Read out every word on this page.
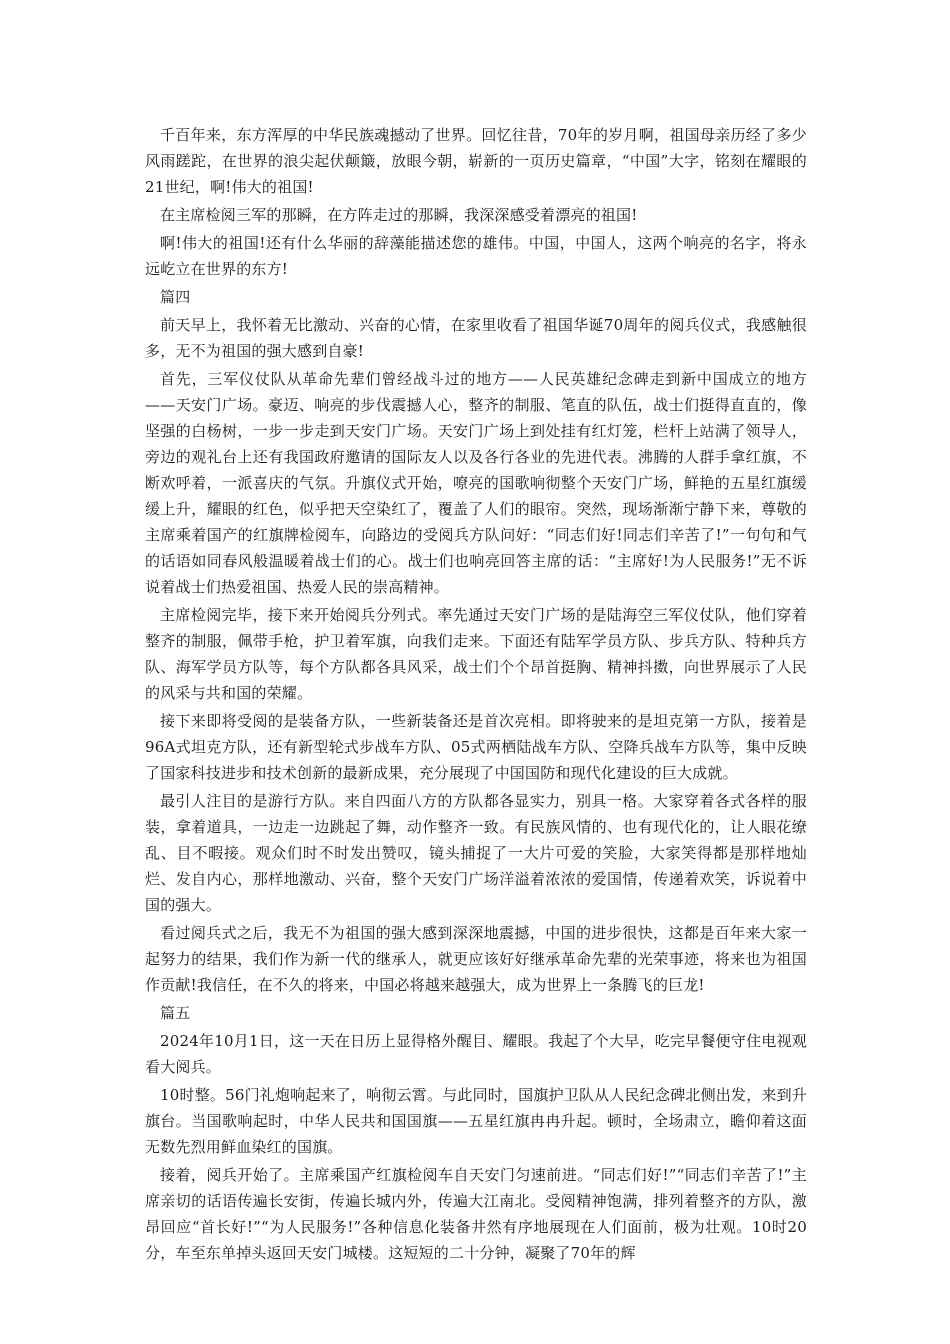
千百年来，东方浑厚的中华民族魂撼动了世界。回忆往昔，70年的岁月啊，祖国母亲历经了多少风雨蹉跎，在世界的浪尖起伏颠簸，放眼今朝，崭新的一页历史篇章，“中国”大字，铭刻在耀眼的21世纪，啊!伟大的祖国!

在主席检阅三军的那瞬，在方阵走过的那瞬，我深深感受着漂亮的祖国!

啊!伟大的祖国!还有什么华丽的辞藻能描述您的雄伟。中国，中国人，这两个响亮的名字，将永远屹立在世界的东方!

篇四

前天早上，我怀着无比激动、兴奋的心情，在家里收看了祖国华诞70周年的阅兵仪式，我感触很多，无不为祖国的强大感到自豪!

首先，三军仪仗队从革命先辈们曾经战斗过的地方——人民英雄纪念碑走到新中国成立的地方——天安门广场。豪迈、响亮的步伐震撼人心，整齐的制服、笔直的队伍，战士们挺得直直的，像坚强的白杨树，一步一步走到天安门广场。天安门广场上到处挂有红灯笼，栏杆上站满了领导人，旁边的观礼台上还有我国政府邀请的国际友人以及各行各业的先进代表。沸腾的人群手拿红旗，不断欢呼着，一派喜庆的气氛。升旗仪式开始，嘹亮的国歌响彻整个天安门广场，鲜艳的五星红旗缓缓上升，耀眼的红色，似乎把天空染红了，覆盖了人们的眼帘。突然，现场渐渐宁静下来，尊敬的主席乘着国产的红旗牌检阅车，向路边的受阅兵方队问好：“同志们好!同志们辛苦了!”一句句和气的话语如同春风般温暖着战士们的心。战士们也响亮回答主席的话：“主席好!为人民服务!”无不诉说着战士们热爱祖国、热爱人民的崇高精神。

主席检阅完毕，接下来开始阅兵分列式。率先通过天安门广场的是陆海空三军仪仗队，他们穿着整齐的制服，佩带手枪，护卫着军旗，向我们走来。下面还有陆军学员方队、步兵方队、特种兵方队、海军学员方队等，每个方队都各具风采，战士们个个昂首挺胸、精神抖擞，向世界展示了人民的风采与共和国的荣耀。

接下来即将受阅的是装备方队，一些新装备还是首次亮相。即将驶来的是坦克第一方队，接着是96A式坦克方队，还有新型轮式步战车方队、05式两栖陆战车方队、空降兵战车方队等，集中反映了国家科技进步和技术创新的最新成果，充分展现了中国国防和现代化建设的巨大成就。

最引人注目的是游行方队。来自四面八方的方队都各显实力，别具一格。大家穿着各式各样的服装，拿着道具，一边走一边跳起了舞，动作整齐一致。有民族风情的、也有现代化的，让人眼花缭乱、目不暇接。观众们时不时发出赞叹，镜头捕捉了一大片可爱的笑脸，大家笑得都是那样地灿烂、发自内心，那样地激动、兴奋，整个天安门广场洋溢着浓浓的爱国情，传递着欢笑，诉说着中国的强大。

看过阅兵式之后，我无不为祖国的强大感到深深地震撼，中国的进步很快，这都是百年来大家一起努力的结果，我们作为新一代的继承人，就更应该好好继承革命先辈的光荣事迹，将来也为祖国作贡献!我信任，在不久的将来，中国必将越来越强大，成为世界上一条腾飞的巨龙!

篇五

2024年10月1日，这一天在日历上显得格外醒目、耀眼。我起了个大早，吃完早餐便守住电视观看大阅兵。

10时整。56门礼炮响起来了，响彻云霄。与此同时，国旗护卫队从人民纪念碑北侧出发，来到升旗台。当国歌响起时，中华人民共和国国旗——五星红旗冉冉升起。顿时，全场肃立，瞻仰着这面无数先烈用鲜血染红的国旗。

接着，阅兵开始了。主席乘国产红旗检阅车自天安门匀速前进。“同志们好!”“同志们辛苦了!”主席亲切的话语传遍长安街，传遍长城内外，传遍大江南北。受阅精神饱满，排列着整齐的方队，激昂回应“首长好!”“为人民服务!”各种信息化装备井然有序地展现在人们面前，极为壮观。10时20分，车至东单掉头返回天安门城楼。这短短的二十分钟，凝聚了70年的辉
